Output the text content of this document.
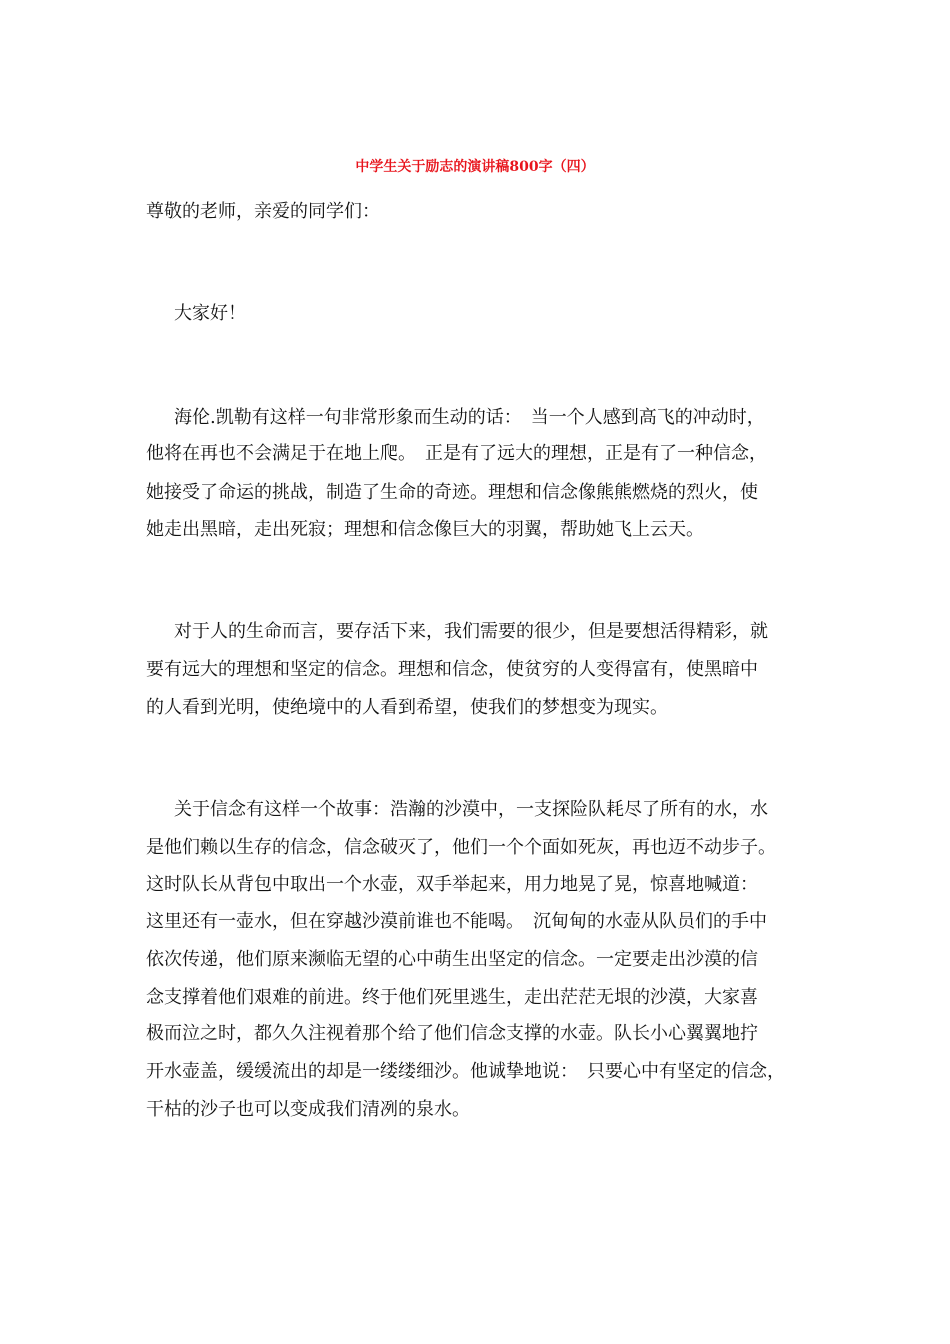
中学生关于励志的演讲稿800字（四）
尊敬的老师，亲爱的同学们：
大家好！
海伦.凯勒有这样一句非常形象而生动的话：　当一个人感到高飞的冲动时，
他将在再也不会满足于在地上爬。　正是有了远大的理想，正是有了一种信念，
她接受了命运的挑战，制造了生命的奇迹。理想和信念像熊熊燃烧的烈火，使
她走出黑暗，走出死寂；理想和信念像巨大的羽翼，帮助她飞上云天。
对于人的生命而言，要存活下来，我们需要的很少，但是要想活得精彩，就
要有远大的理想和坚定的信念。理想和信念，使贫穷的人变得富有，使黑暗中
的人看到光明，使绝境中的人看到希望，使我们的梦想变为现实。
关于信念有这样一个故事：浩瀚的沙漠中，一支探险队耗尽了所有的水，水
是他们赖以生存的信念，信念破灭了，他们一个个面如死灰，再也迈不动步子。
这时队长从背包中取出一个水壶，双手举起来，用力地晃了晃，惊喜地喊道：
这里还有一壶水，但在穿越沙漠前谁也不能喝。　沉甸甸的水壶从队员们的手中
依次传递，他们原来濒临无望的心中萌生出坚定的信念。一定要走出沙漠的信
念支撑着他们艰难的前进。终于他们死里逃生，走出茫茫无垠的沙漠，大家喜
极而泣之时，都久久注视着那个给了他们信念支撑的水壶。队长小心翼翼地拧
开水壶盖，缓缓流出的却是一缕缕细沙。他诚挚地说：　只要心中有坚定的信念，
干枯的沙子也可以变成我们清冽的泉水。
